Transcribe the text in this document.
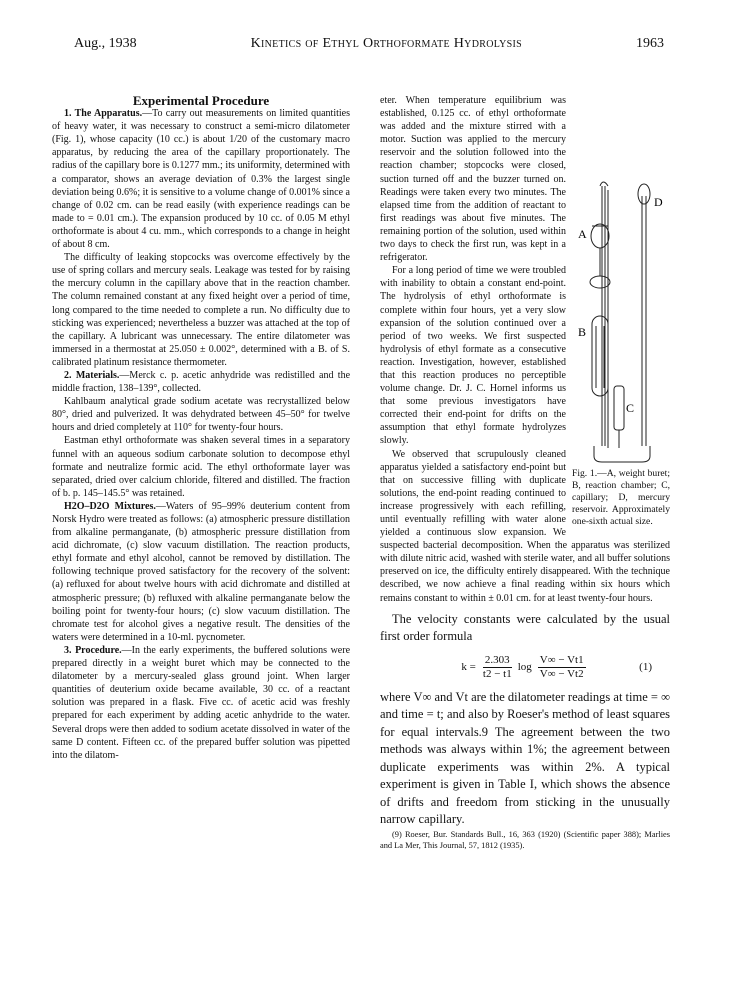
Aug., 1938	Kinetics of Ethyl Orthoformate Hydrolysis	1963

Experimental Procedure

1. The Apparatus.—To carry out measurements on limited quantities of heavy water, it was necessary to construct a semi-micro dilatometer (Fig. 1), whose capacity (10 cc.) is about 1/20 of the customary macro apparatus, by reducing the area of the capillary proportionately. The radius of the capillary bore is 0.1277 mm.; its uniformity, determined with a comparator, shows an average deviation of 0.3% the largest single deviation being 0.6%; it is sensitive to a volume change of 0.001% since a change of 0.02 cm. can be read easily (with experience readings can be made to = 0.01 cm.). The expansion produced by 10 cc. of 0.05 M ethyl orthoformate is about 4 cu. mm., which corresponds to a change in height of about 8 cm.

The difficulty of leaking stopcocks was overcome effectively by the use of spring collars and mercury seals. Leakage was tested for by raising the mercury column in the capillary above that in the reaction chamber. The column remained constant at any fixed height over a period of time, long compared to the time needed to complete a run. No difficulty due to sticking was experienced; nevertheless a buzzer was attached at the top of the capillary. A lubricant was unnecessary. The entire dilatometer was immersed in a thermostat at 25.050 ± 0.002°, determined with a B. of S. calibrated platinum resistance thermometer.

2. Materials.—Merck c. p. acetic anhydride was redistilled and the middle fraction, 138–139°, collected.

Kahlbaum analytical grade sodium acetate was recrystallized below 80°, dried and pulverized. It was dehydrated between 45–50° for twelve hours and dried completely at 110° for twenty-four hours.

Eastman ethyl orthoformate was shaken several times in a separatory funnel with an aqueous sodium carbonate solution to decompose ethyl formate and neutralize formic acid. The ethyl orthoformate layer was separated, dried over calcium chloride, filtered and distilled. The fraction of b. p. 145–145.5° was retained.

H2O–D2O Mixtures.—Waters of 95–99% deuterium content from Norsk Hydro were treated as follows: (a) atmospheric pressure distillation from alkaline permanganate, (b) atmospheric pressure distillation from acid dichromate, (c) slow vacuum distillation. The reaction products, ethyl formate and ethyl alcohol, cannot be removed by distillation. The following technique proved satisfactory for the recovery of the solvent: (a) refluxed for about twelve hours with acid dichromate and distilled at atmospheric pressure; (b) refluxed with alkaline permanganate below the boiling point for twenty-four hours; (c) slow vacuum distillation. The chromate test for alcohol gives a negative result. The densities of the waters were determined in a 10-ml. pycnometer.

3. Procedure.—In the early experiments, the buffered solutions were prepared directly in a weight buret which may be connected to the dilatometer by a mercury-sealed glass ground joint. When larger quantities of deuterium oxide became available, 30 cc. of a reactant solution was prepared in a flask. Five cc. of acetic acid was freshly prepared for each experiment by adding acetic anhydride to the water. Several drops were then added to sodium acetate dissolved in water of the same D content. Fifteen cc. of the prepared buffer solution was pipetted into the dilatom-

A
D
B
C
Fig. 1.—A, weight buret; B, reaction chamber; C, capillary; D, mercury reservoir. Approximately one-sixth actual size.
eter. When temperature equilibrium was established, 0.125 cc. of ethyl orthoformate was added and the mixture stirred with a motor. Suction was applied to the mercury reservoir and the solution followed into the reaction chamber; stopcocks were closed, suction turned off and the buzzer turned on. Readings were taken every two minutes. The elapsed time from the addition of reactant to first readings was about five minutes. The remaining portion of the solution, used within two days to check the first run, was kept in a refrigerator.

For a long period of time we were troubled with inability to obtain a constant end-point. The hydrolysis of ethyl orthoformate is complete within four hours, yet a very slow expansion of the solution continued over a period of two weeks. We first suspected hydrolysis of ethyl formate as a consecutive reaction. Investigation, however, established that this reaction produces no perceptible volume change. Dr. J. C. Hornel informs us that some previous investigators have corrected their end-point for drifts on the assumption that ethyl formate hydrolyzes slowly.

We observed that scrupulously cleaned apparatus yielded a satisfactory end-point but that on successive filling with duplicate solutions, the end-point reading continued to increase progressively with each refilling, until eventually refilling with water alone yielded a continuous slow expansion. We suspected bacterial decomposition. When the apparatus was sterilized with dilute nitric acid, washed with sterile water, and all buffer solutions preserved on ice, the difficulty entirely disappeared. With the technique described, we now achieve a final reading within six hours which remains constant to within ± 0.01 cm. for at least twenty-four hours.

The velocity constants were calculated by the usual first order formula

$k = \frac{2.303}{t2 - t1}$ $\log \frac{V\infty - Vt1}{V\infty - Vt2}$	(1)

where V∞ and Vt are the dilatometer readings at time = ∞ and time = t; and also by Roeser's method of least squares for equal intervals.9 The agreement between the two methods was always within 1%; the agreement between duplicate experiments was within 2%. A typical experiment is given in Table I, which shows the absence of drifts and freedom from sticking in the unusually narrow capillary.

(9) Roeser, Bur. Standards Bull., 16, 363 (1920) (Scientific paper 388); Marlies and La Mer, This Journal, 57, 1812 (1935).
